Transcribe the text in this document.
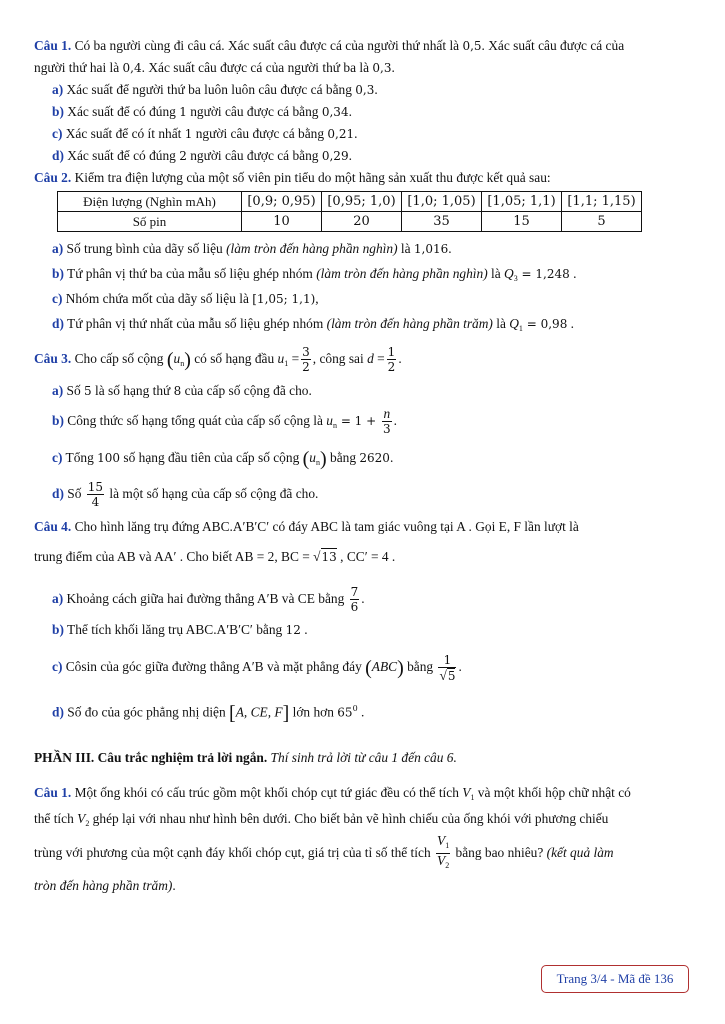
Câu 1. Có ba người cùng đi câu cá. Xác suất câu được cá của người thứ nhất là 0,5. Xác suất câu được cá của
người thứ hai là 0,4. Xác suất câu được cá của người thứ ba là 0,3.
a) Xác suất để người thứ ba luôn luôn câu được cá bằng 0,3.
b) Xác suất để có đúng 1 người câu được cá bằng 0,34.
c) Xác suất để có ít nhất 1 người câu được cá bằng 0,21.
d) Xác suất để có đúng 2 người câu được cá bằng 0,29.
Câu 2. Kiểm tra điện lượng của một số viên pin tiểu do một hãng sản xuất thu được kết quả sau:
Điện lượng (Nghìn mAh)	[0,9; 0,95)	[0,95; 1,0)	[1,0; 1,05)	[1,05; 1,1)	[1,1; 1,15)
Số pin	10	20	35	15	5
a) Số trung bình của dãy số liệu (làm tròn đến hàng phần nghìn) là 1,016.
b) Tứ phân vị thứ ba của mẫu số liệu ghép nhóm (làm tròn đến hàng phần nghìn) là $Q_3 = 1,248$ .
c) Nhóm chứa mốt của dãy số liệu là [1,05; 1,1),
d) Tứ phân vị thứ nhất của mẫu số liệu ghép nhóm (làm tròn đến hàng phần trăm) là $Q_1 = 0,98$ .
Câu 3. Cho cấp số cộng $(u_n)$ có số hạng đầu $u_1 = \frac{3}{2}$ , công sai $d = \frac{1}{2}$ .
a) Số 5 là số hạng thứ 8 của cấp số cộng đã cho.
b) Công thức số hạng tổng quát của cấp số cộng là $u_n = 1 + \frac{n}{3}$ .
c) Tổng 100 số hạng đầu tiên của cấp số cộng $(u_n)$ bằng 2620.
d) Số $\frac{15}{4}$ là một số hạng của cấp số cộng đã cho.
Câu 4. Cho hình lăng trụ đứng ABC.A′B′C′ có đáy ABC là tam giác vuông tại A . Gọi E, F lần lượt là
trung điểm của AB và AA′ . Cho biết AB = 2, BC = √13 , CC′ = 4 .
a) Khoảng cách giữa hai đường thẳng A′B và CE bằng $\frac{7}{6}$ .
b) Thể tích khối lăng trụ ABC.A′B′C′ bằng 12 .
c) Côsin của góc giữa đường thẳng A′B và mặt phẳng đáy (ABC) bằng $\frac{1}{√5}$ .
d) Số đo của góc phẳng nhị diện [A, CE, F] lớn hơn $65^0$ .
PHẦN III. Câu trắc nghiệm trả lời ngắn. Thí sinh trả lời từ câu 1 đến câu 6.
Câu 1. Một ống khói có cấu trúc gồm một khối chóp cụt tứ giác đều có thể tích $V_1$ và một khối hộp chữ nhật có
thể tích $V_2$ ghép lại với nhau như hình bên dưới. Cho biết bản vẽ hình chiếu của ống khói với phương chiếu
trùng với phương của một cạnh đáy khối chóp cụt, giá trị của tỉ số thể tích $\frac{V_1}{V_2}$ bằng bao nhiêu? (kết quả làm
tròn đến hàng phần trăm).
Trang 3/4 - Mã đề 136
